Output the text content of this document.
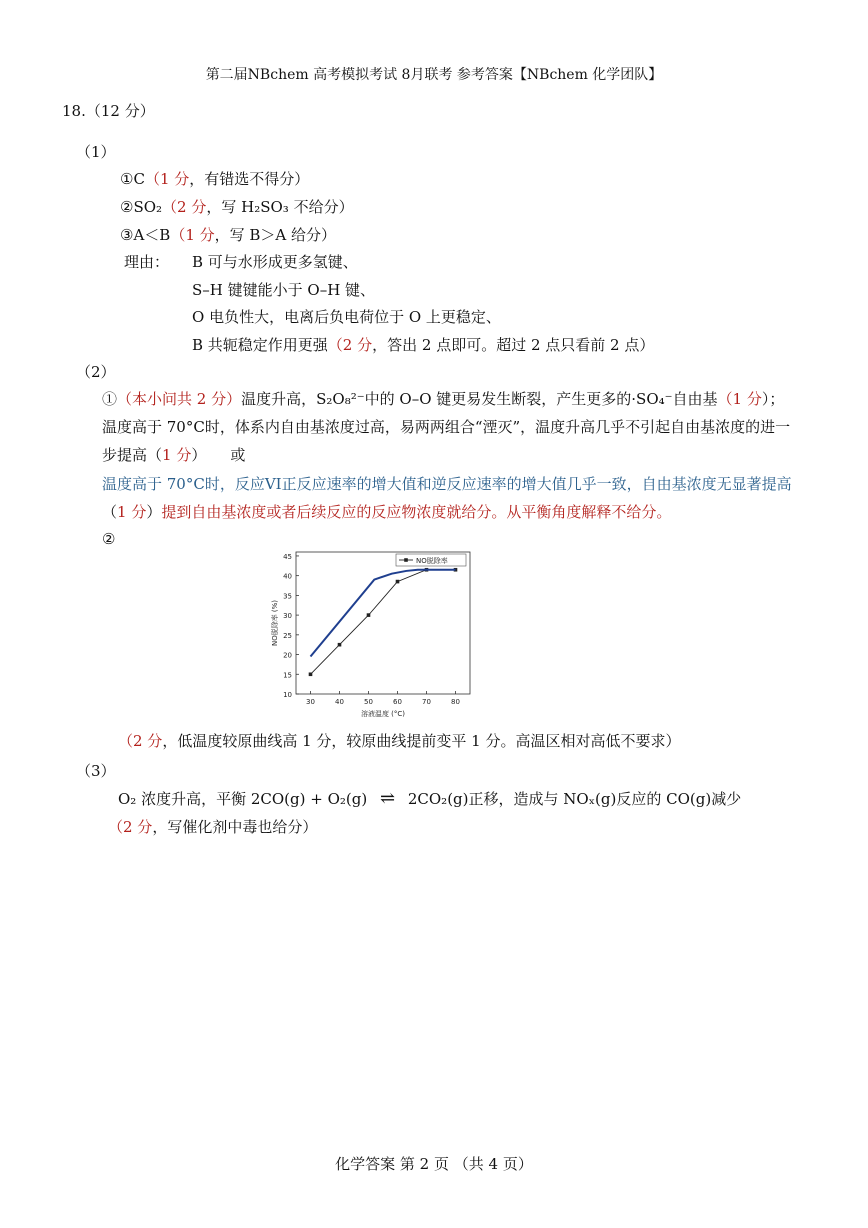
第二届NBchem 高考模拟考试 8月联考 参考答案【NBchem 化学团队】
18.（12 分）
（1）
①C（1 分，有错选不得分）
②SO₂（2 分，写 H₂SO₃ 不给分）
③A＜B（1 分，写 B＞A 给分）
理由： B 可与水形成更多氢键、
S–H 键键能小于 O–H 键、
O 电负性大，电离后负电荷位于 O 上更稳定、
B 共轭稳定作用更强（2 分，答出 2 点即可。超过 2 点只看前 2 点）
（2）
①（本小问共 2 分）温度升高，S₂O₈²⁻中的 O–O 键更易发生断裂，产生更多的·SO₄⁻自由基（1 分）；
温度高于 70°C时，体系内自由基浓度过高，易两两组合“湮灭”，温度升高几乎不引起自由基浓度的进一
步提高（1 分） 或
温度高于 70°C时，反应VI正反应速率的增大值和逆反应速率的增大值几乎一致，自由基浓度无显著提高
（1 分）提到自由基浓度或者后续反应的反应物浓度就给分。从平衡角度解释不给分。
②
10
15
20
25
30
35
40
45
30	40	50	60	70	80
溶液温度 (°C)
NO脱除率 (%)
NO脱除率
（2 分，低温度较原曲线高 1 分，较原曲线提前变平 1 分。高温区相对高低不要求）
（3）
O₂ 浓度升高，平衡 2CO(g) + O₂(g) ⇌ 2CO₂(g)正移，造成与 NOₓ(g)反应的 CO(g)减少
（2 分，写催化剂中毒也给分）
化学答案 第 2 页 （共 4 页）
